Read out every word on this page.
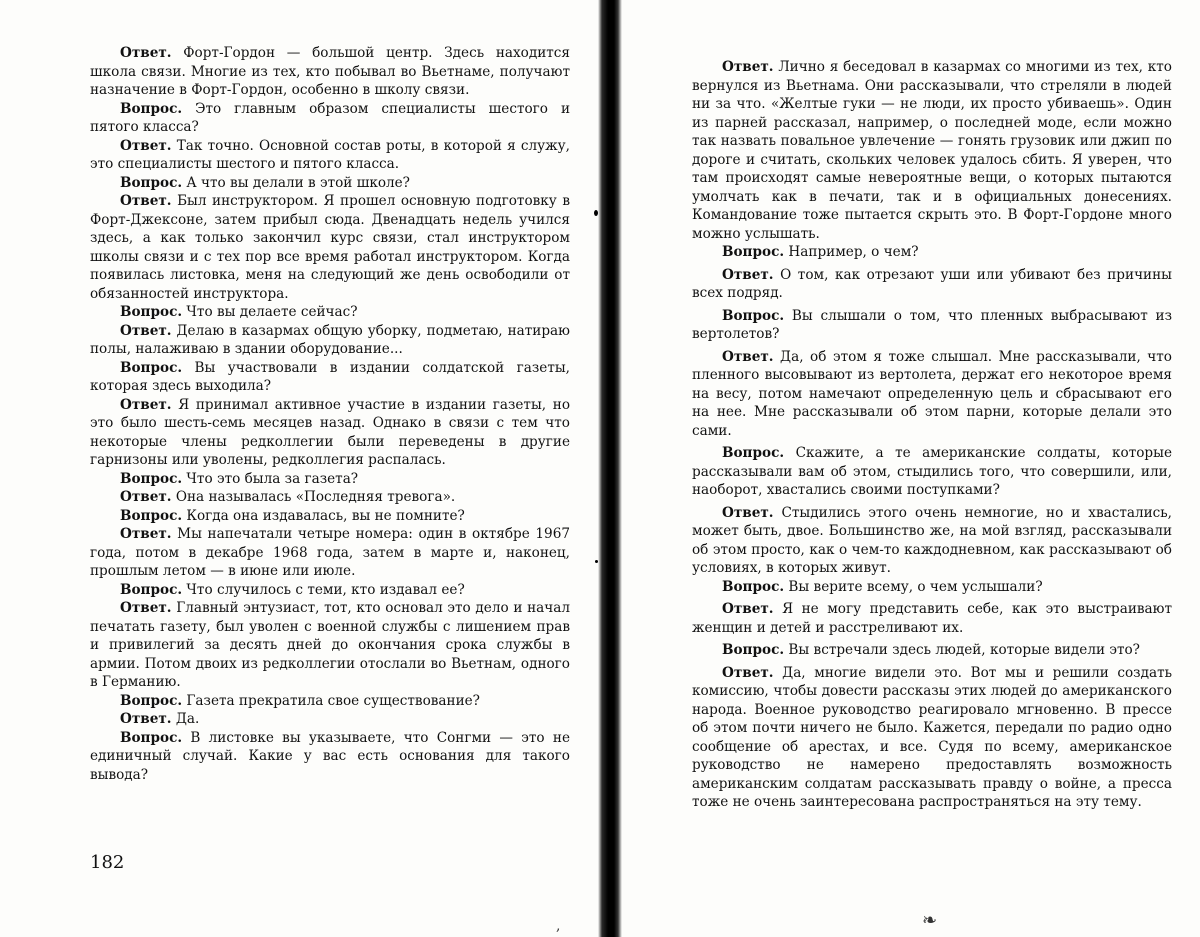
Ответ. Форт-Гордон — большой центр. Здесь находится школа связи. Многие из тех, кто побывал во Вьетнаме, получают назначение в Форт-Гордон, особенно в школу связи.

Вопрос. Это главным образом специалисты шестого и пятого класса?

Ответ. Так точно. Основной состав роты, в которой я служу, это специалисты шестого и пятого класса.

Вопрос. А что вы делали в этой школе?

Ответ. Был инструктором. Я прошел основную подготовку в Форт-Джексоне, затем прибыл сюда. Двенадцать недель учился здесь, а как только закончил курс связи, стал инструктором школы связи и с тех пор все время работал инструктором. Когда появилась листовка, меня на следующий же день освободили от обязанностей инструктора.

Вопрос. Что вы делаете сейчас?

Ответ. Делаю в казармах общую уборку, подметаю, натираю полы, налаживаю в здании оборудование...

Вопрос. Вы участвовали в издании солдатской газеты, которая здесь выходила?

Ответ. Я принимал активное участие в издании газеты, но это было шесть-семь месяцев назад. Однако в связи с тем что некоторые члены редколлегии были переведены в другие гарнизоны или уволены, редколлегия распалась.

Вопрос. Что это была за газета?

Ответ. Она называлась «Последняя тревога».

Вопрос. Когда она издавалась, вы не помните?

Ответ. Мы напечатали четыре номера: один в октябре 1967 года, потом в декабре 1968 года, затем в марте и, наконец, прошлым летом — в июне или июле.

Вопрос. Что случилось с теми, кто издавал ее?

Ответ. Главный энтузиаст, тот, кто основал это дело и начал печатать газету, был уволен с военной службы с лишением прав и привилегий за десять дней до окончания срока службы в армии. Потом двоих из редколлегии отослали во Вьетнам, одного в Германию.

Вопрос. Газета прекратила свое существование?

Ответ. Да.

Вопрос. В листовке вы указываете, что Сонгми — это не единичный случай. Какие у вас есть основания для такого вывода?

182
,

Ответ. Лично я беседовал в казармах со многими из тех, кто вернулся из Вьетнама. Они рассказывали, что стреляли в людей ни за что. «Желтые гуки — не люди, их просто убиваешь». Один из парней рассказал, например, о последней моде, если можно так назвать повальное увлечение — гонять грузовик или джип по дороге и считать, скольких человек удалось сбить. Я уверен, что там происходят самые невероятные вещи, о которых пытаются умолчать как в печати, так и в официальных донесениях. Командование тоже пытается скрыть это. В Форт-Гордоне много можно услышать.

Вопрос. Например, о чем?

Ответ. О том, как отрезают уши или убивают без причины всех подряд.

Вопрос. Вы слышали о том, что пленных выбрасывают из вертолетов?

Ответ. Да, об этом я тоже слышал. Мне рассказывали, что пленного высовывают из вертолета, держат его некоторое время на весу, потом намечают определенную цель и сбрасывают его на нее. Мне рассказывали об этом парни, которые делали это сами.

Вопрос. Скажите, а те американские солдаты, которые рассказывали вам об этом, стыдились того, что совершили, или, наоборот, хвастались своими поступками?

Ответ. Стыдились этого очень немногие, но и хвастались, может быть, двое. Большинство же, на мой взгляд, рассказывали об этом просто, как о чем-то каждодневном, как рассказывают об условиях, в которых живут.

Вопрос. Вы верите всему, о чем услышали?

Ответ. Я не могу представить себе, как это выстраивают женщин и детей и расстреливают их.

Вопрос. Вы встречали здесь людей, которые видели это?

Ответ. Да, многие видели это. Вот мы и решили создать комиссию, чтобы довести рассказы этих людей до американского народа. Военное руководство реагировало мгновенно. В прессе об этом почти ничего не было. Кажется, передали по радио одно сообщение об арестах, и все. Судя по всему, американское руководство не намерено предоставлять возможность американским солдатам рассказывать правду о войне, а пресса тоже не очень заинтересована распространяться на эту тему.

❧
